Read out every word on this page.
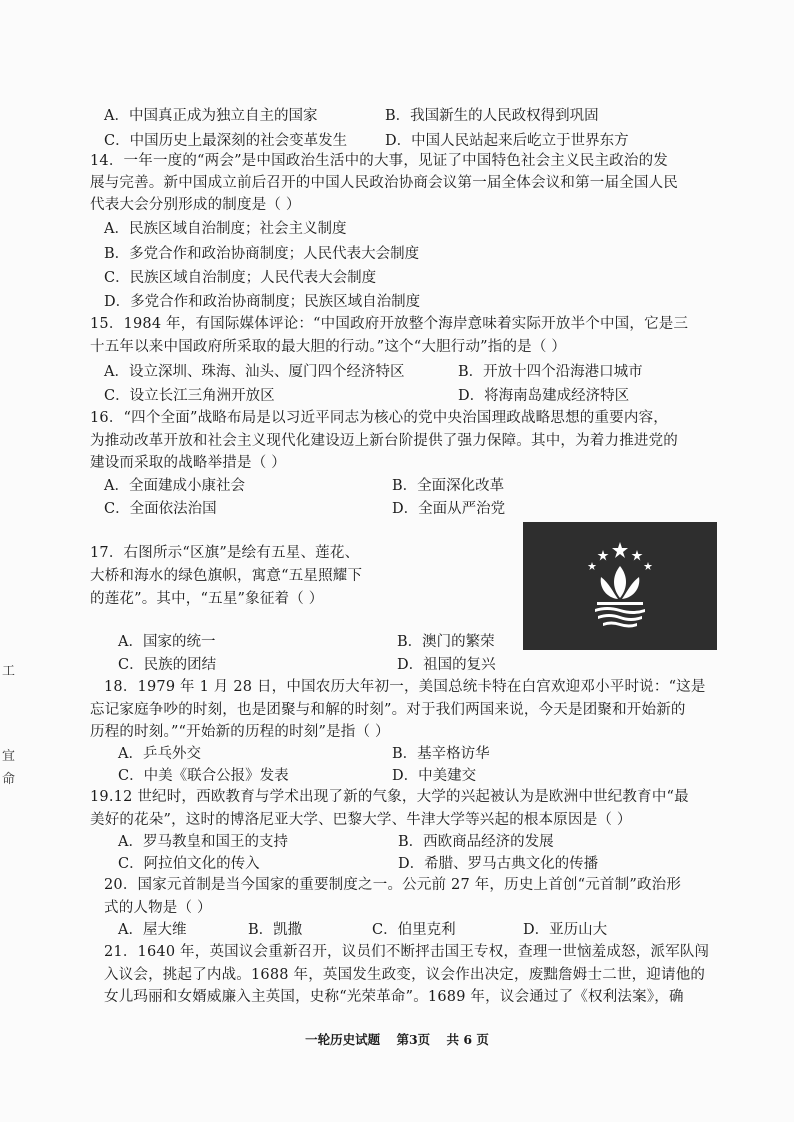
A．中国真正成为独立自主的国家	B．我国新生的人民政权得到巩固
C．中国历史上最深刻的社会变革发生	D．中国人民站起来后屹立于世界东方
14．一年一度的“两会”是中国政治生活中的大事，见证了中国特色社会主义民主政治的发
展与完善。新中国成立前后召开的中国人民政治协商会议第一届全体会议和第一届全国人民
代表大会分别形成的制度是（ ）
A．民族区域自治制度；社会主义制度
B．多党合作和政治协商制度；人民代表大会制度
C．民族区域自治制度；人民代表大会制度
D．多党合作和政治协商制度；民族区域自治制度
15．1984 年，有国际媒体评论：“中国政府开放整个海岸意味着实际开放半个中国，它是三
十五年以来中国政府所采取的最大胆的行动。”这个“大胆行动”指的是（ ）
A．设立深圳、珠海、汕头、厦门四个经济特区	B．开放十四个沿海港口城市
C．设立长江三角洲开放区	D．将海南岛建成经济特区
16．“四个全面”战略布局是以习近平同志为核心的党中央治国理政战略思想的重要内容，
为推动改革开放和社会主义现代化建设迈上新台阶提供了强力保障。其中，为着力推进党的
建设而采取的战略举措是（ ）
A．全面建成小康社会	B．全面深化改革
C．全面依法治国	D．全面从严治党
17．右图所示“区旗”是绘有五星、莲花、
大桥和海水的绿色旗帜，寓意“五星照耀下
的莲花”。其中，“五星”象征着（ ）
A．国家的统一	B．澳门的繁荣
C．民族的团结	D．祖国的复兴
18．1979 年 1 月 28 日，中国农历大年初一，美国总统卡特在白宫欢迎邓小平时说：“这是
忘记家庭争吵的时刻，也是团聚与和解的时刻”。对于我们两国来说，今天是团聚和开始新的
历程的时刻。”“开始新的历程的时刻”是指（ ）
A．乒乓外交	B．基辛格访华
C．中美《联合公报》发表	D．中美建交
19.12 世纪时，西欧教育与学术出现了新的气象，大学的兴起被认为是欧洲中世纪教育中“最
美好的花朵”，这时的博洛尼亚大学、巴黎大学、牛津大学等兴起的根本原因是（ ）
A．罗马教皇和国王的支持	B．西欧商品经济的发展
C．阿拉伯文化的传入	D．希腊、罗马古典文化的传播
20．国家元首制是当今国家的重要制度之一。公元前 27 年，历史上首创“元首制”政治形
式的人物是（ ）
A．屋大维	B．凯撒	C．伯里克利	D．亚历山大
21．1640 年，英国议会重新召开，议员们不断抨击国王专权，查理一世恼羞成怒，派军队闯
入议会，挑起了内战。1688 年，英国发生政变，议会作出决定，废黜詹姆士二世，迎请他的
女儿玛丽和女婿威廉入主英国，史称“光荣革命”。1689 年，议会通过了《权利法案》，确
一轮历史试题 第3页 共 6 页
工
宜
命
